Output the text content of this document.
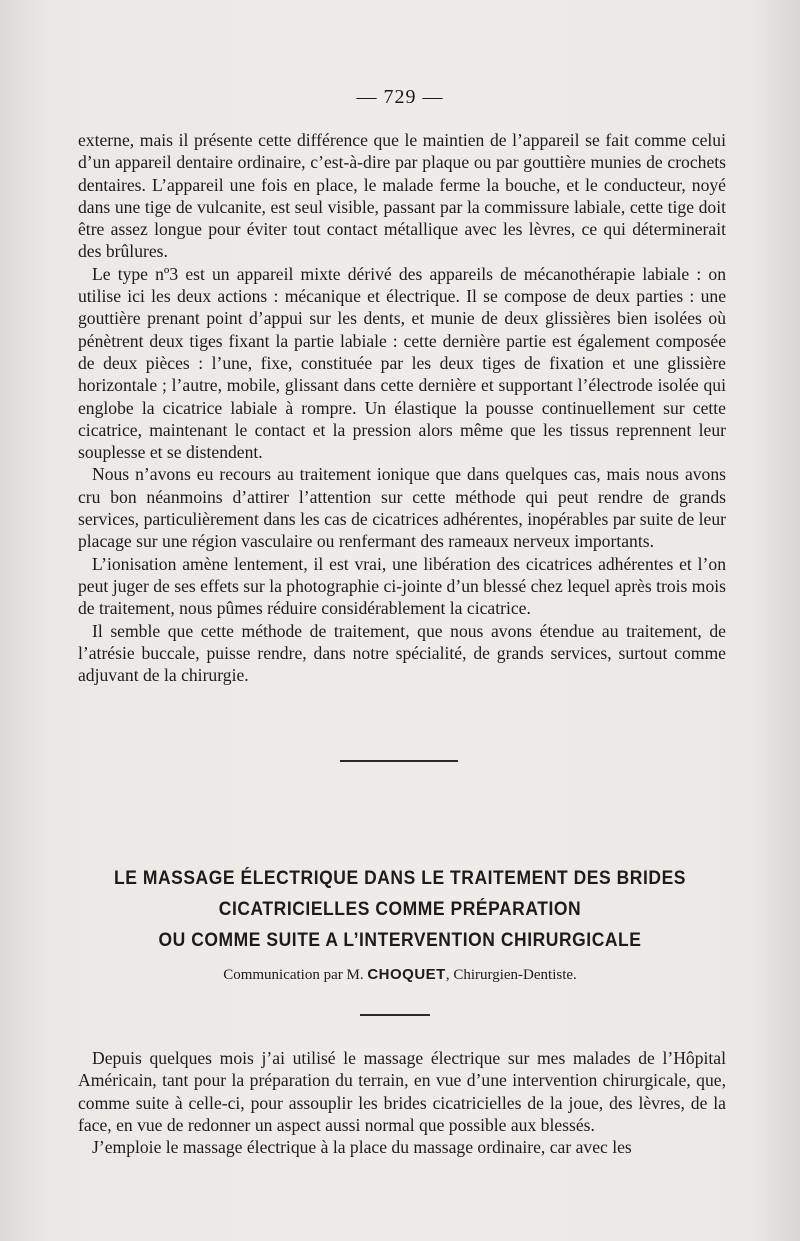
— 729 —

externe, mais il présente cette différence que le maintien de l’appareil se fait comme celui d’un appareil dentaire ordinaire, c’est-à-dire par plaque ou par gouttière munies de crochets dentaires. L’appareil une fois en place, le malade ferme la bouche, et le conducteur, noyé dans une tige de vulcanite, est seul visible, passant par la commissure labiale, cette tige doit être assez longue pour éviter tout contact métallique avec les lèvres, ce qui déterminerait des brûlures.

Le type nº3 est un appareil mixte dérivé des appareils de mécanothérapie labiale : on utilise ici les deux actions : mécanique et électrique. Il se compose de deux parties : une gouttière prenant point d’appui sur les dents, et munie de deux glissières bien isolées où pénètrent deux tiges fixant la partie labiale : cette dernière partie est également composée de deux pièces : l’une, fixe, constituée par les deux tiges de fixation et une glissière horizontale ; l’autre, mobile, glissant dans cette dernière et supportant l’électrode isolée qui englobe la cicatrice labiale à rompre. Un élastique la pousse continuellement sur cette cicatrice, maintenant le contact et la pression alors même que les tissus reprennent leur souplesse et se distendent.

Nous n’avons eu recours au traitement ionique que dans quelques cas, mais nous avons cru bon néanmoins d’attirer l’attention sur cette méthode qui peut rendre de grands services, particulièrement dans les cas de cicatrices adhérentes, inopérables par suite de leur placage sur une région vasculaire ou renfermant des rameaux nerveux importants.

L’ionisation amène lentement, il est vrai, une libération des cicatrices adhérentes et l’on peut juger de ses effets sur la photographie ci-jointe d’un blessé chez lequel après trois mois de traitement, nous pûmes réduire considérablement la cicatrice.

Il semble que cette méthode de traitement, que nous avons étendue au traitement, de l’atrésie buccale, puisse rendre, dans notre spécialité, de grands services, surtout comme adjuvant de la chirurgie.

LE MASSAGE ÉLECTRIQUE DANS LE TRAITEMENT DES BRIDES
CICATRICIELLES COMME PRÉPARATION
OU COMME SUITE A L’INTERVENTION CHIRURGICALE
Communication par M. CHOQUET, Chirurgien-Dentiste.

Depuis quelques mois j’ai utilisé le massage électrique sur mes malades de l’Hôpital Américain, tant pour la préparation du terrain, en vue d’une intervention chirurgicale, que, comme suite à celle-ci, pour assouplir les brides cicatricielles de la joue, des lèvres, de la face, en vue de redonner un aspect aussi normal que possible aux blessés.

J’emploie le massage électrique à la place du massage ordinaire, car avec les
